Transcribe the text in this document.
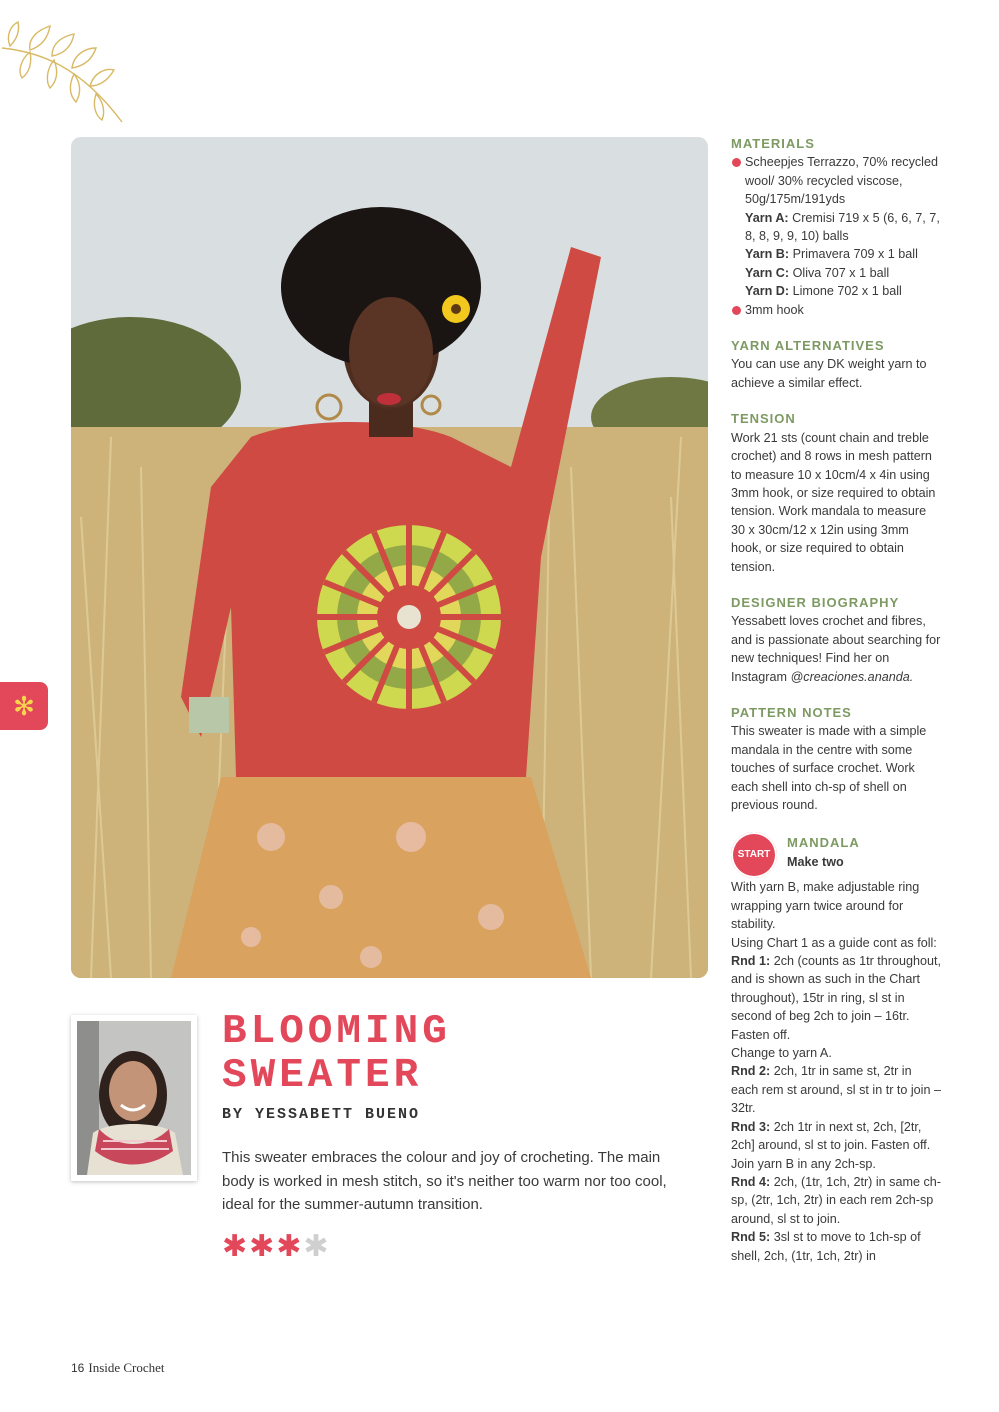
✻
BLOOMING
SWEATER
BY YESSABETT BUENO

This sweater embraces the colour and joy of crocheting. The main body is worked in mesh stitch, so it's neither too warm nor too cool, ideal for the summer-autumn transition.

✱ ✱ ✱ ✱

MATERIALS

Scheepjes Terrazzo, 70% recycled wool/ 30% recycled viscose, 50g/175m/191yds

Yarn A: Cremisi 719 x 5 (6, 6, 7, 7, 8, 8, 9, 9, 10) balls

Yarn B: Primavera 709 x 1 ball

Yarn C: Oliva 707 x 1 ball

Yarn D: Limone 702 x 1 ball

3mm hook

YARN ALTERNATIVES

You can use any DK weight yarn to achieve a similar effect.

TENSION

Work 21 sts (count chain and treble crochet) and 8 rows in mesh pattern to measure 10 x 10cm/4 x 4in using 3mm hook, or size required to obtain tension. Work mandala to measure 30 x 30cm/12 x 12in using 3mm hook, or size required to obtain tension.

DESIGNER BIOGRAPHY

Yessabett loves crochet and fibres, and is passionate about searching for new techniques! Find her on Instagram @creaciones.ananda.

PATTERN NOTES

This sweater is made with a simple mandala in the centre with some touches of surface crochet. Work each shell into ch-sp of shell on previous round.

START

MANDALA

Make two

With yarn B, make adjustable ring wrapping yarn twice around for stability.

Using Chart 1 as a guide cont as foll:

Rnd 1: 2ch (counts as 1tr throughout, and is shown as such in the Chart throughout), 15tr in ring, sl st in second of beg 2ch to join – 16tr. Fasten off.

Change to yarn A.

Rnd 2: 2ch, 1tr in same st, 2tr in each rem st around, sl st in tr to join – 32tr.

Rnd 3: 2ch 1tr in next st, 2ch, [2tr, 2ch] around, sl st to join. Fasten off.

Join yarn B in any 2ch-sp.

Rnd 4: 2ch, (1tr, 1ch, 2tr) in same ch-sp, (2tr, 1ch, 2tr) in each rem 2ch-sp around, sl st to join.

Rnd 5: 3sl st to move to 1ch-sp of shell, 2ch, (1tr, 1ch, 2tr) in

16 Inside Crochet
